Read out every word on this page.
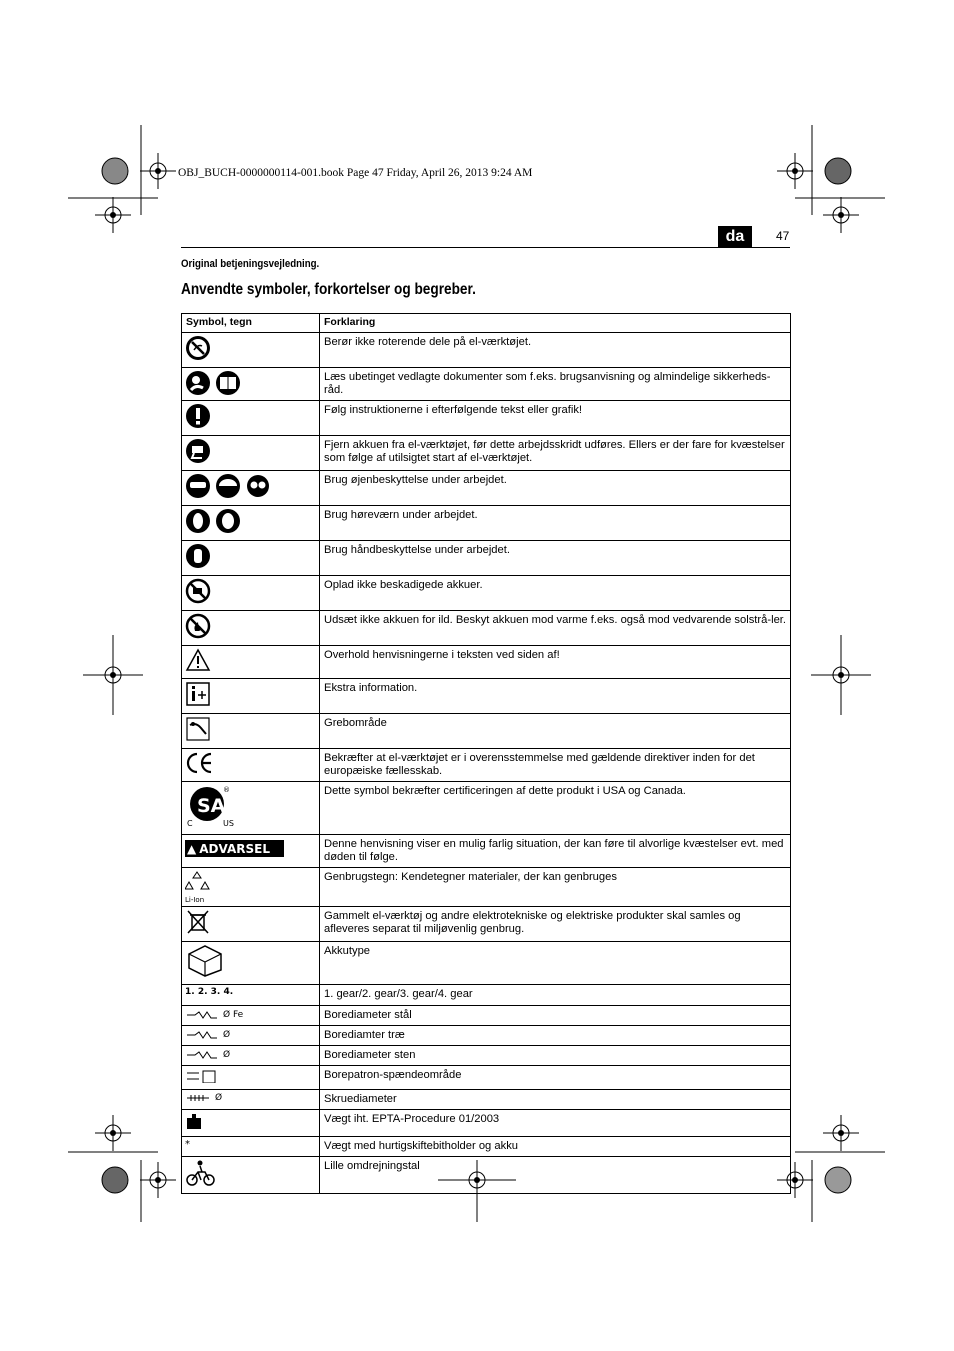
OBJ_BUCH-0000000114-001.book Page 47 Friday, April 26, 2013 9:24 AM
da	47
Original betjeningsvejledning.
Anvendte symboler, forkortelser og begreber.
Symbol, tegn	Forklaring
	Berør ikke roterende dele på el-værktøjet.

	Læs ubetinget vedlagte dokumenter som f.eks. brugsanvisning og almindelige sikkerheds-råd.
	Følg instruktionerne i efterfølgende tekst eller grafik!
	Fjern akkuen fra el-værktøjet, før dette arbejdsskridt udføres. Ellers er der fare for kvæstelser som følge af utilsigtet start af el-værktøjet.
	Brug øjenbeskyttelse under arbejdet.
	Brug høreværn under arbejdet.
	Brug håndbeskyttelse under arbejdet.
	Oplad ikke beskadigede akkuer.
	Udsæt ikke akkuen for ild. Beskyt akkuen mod varme f.eks. også mod vedvarende solstrå-ler.
	Overhold henvisningerne i teksten ved siden af!
	Ekstra information.
	Grebområde
	Bekræfter at el-værktøjet er i overensstemmelse med gældende direktiver inden for det europæiske fællesskab.

SA
®
C US	Dette symbol bekræfter certificeringen af dette produkt i USA og Canada.

▲ ADVARSEL	Denne henvisning viser en mulig farlig situation, der kan føre til alvorlige kvæstelser evt. med døden til følge.

Li-Ion	Genbrugstegn: Kendetegner materialer, der kan genbruges
	Gammelt el-værktøj og andre elektrotekniske og elektriske produkter skal samles og afleveres separat til miljøvenlig genbrug.
	Akkutype
1. 2. 3. 4.	1. gear/2. gear/3. gear/4. gear

Ø Fe	Borediameter stål

Ø	Borediamter træ

Ø	Borediameter sten
	Borepatron-spændeområde

Ø	Skruediameter
	Vægt iht. EPTA-Procedure 01/2003
*	Vægt med hurtigskiftebitholder og akku
	Lille omdrejningstal
